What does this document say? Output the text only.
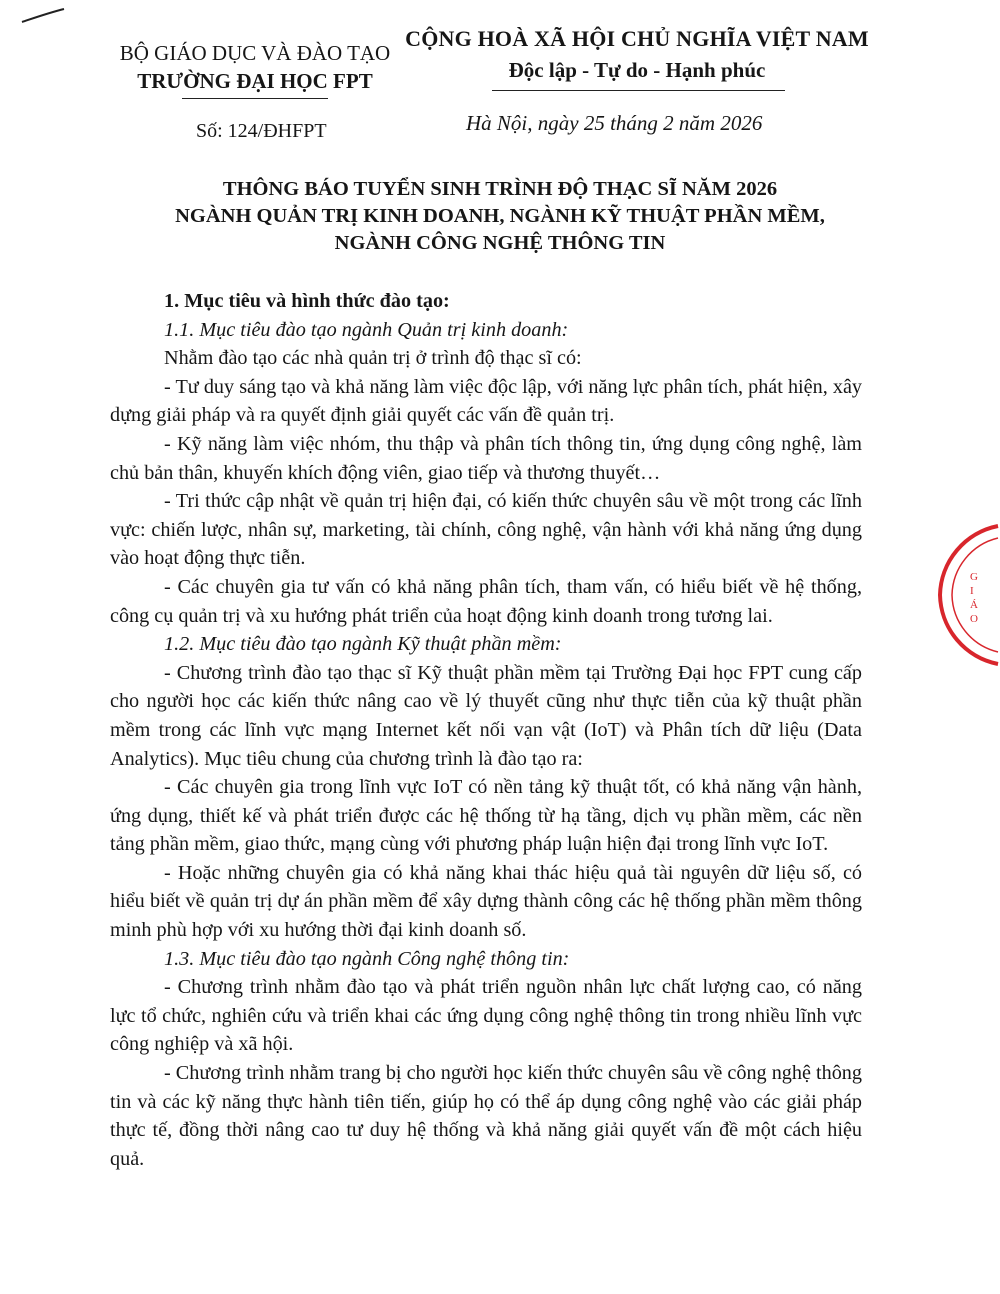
BỘ GIÁO DỤC VÀ ĐÀO TẠO
TRƯỜNG ĐẠI HỌC FPT
CỘNG HOÀ XÃ HỘI CHỦ NGHĨA VIỆT NAM
Độc lập - Tự do - Hạnh phúc
Số: 124/ĐHFPT	Hà Nội, ngày 25 tháng 2 năm 2026
THÔNG BÁO TUYỂN SINH TRÌNH ĐỘ THẠC SĨ NĂM 2026
NGÀNH QUẢN TRỊ KINH DOANH, NGÀNH KỸ THUẬT PHẦN MỀM,
NGÀNH CÔNG NGHỆ THÔNG TIN

1. Mục tiêu và hình thức đào tạo:

1.1. Mục tiêu đào tạo ngành Quản trị kinh doanh:

Nhằm đào tạo các nhà quản trị ở trình độ thạc sĩ có:

- Tư duy sáng tạo và khả năng làm việc độc lập, với năng lực phân tích, phát hiện, xây dựng giải pháp và ra quyết định giải quyết các vấn đề quản trị.

- Kỹ năng làm việc nhóm, thu thập và phân tích thông tin, ứng dụng công nghệ, làm chủ bản thân, khuyến khích động viên, giao tiếp và thương thuyết…

- Tri thức cập nhật về quản trị hiện đại, có kiến thức chuyên sâu về một trong các lĩnh vực: chiến lược, nhân sự, marketing, tài chính, công nghệ, vận hành với khả năng ứng dụng vào hoạt động thực tiễn.

- Các chuyên gia tư vấn có khả năng phân tích, tham vấn, có hiểu biết về hệ thống, công cụ quản trị và xu hướng phát triển của hoạt động kinh doanh trong tương lai.

1.2. Mục tiêu đào tạo ngành Kỹ thuật phần mềm:

- Chương trình đào tạo thạc sĩ Kỹ thuật phần mềm tại Trường Đại học FPT cung cấp cho người học các kiến thức nâng cao về lý thuyết cũng như thực tiễn của kỹ thuật phần mềm trong các lĩnh vực mạng Internet kết nối vạn vật (IoT) và Phân tích dữ liệu (Data Analytics). Mục tiêu chung của chương trình là đào tạo ra:

- Các chuyên gia trong lĩnh vực IoT có nền tảng kỹ thuật tốt, có khả năng vận hành, ứng dụng, thiết kế và phát triển được các hệ thống từ hạ tầng, dịch vụ phần mềm, các nền tảng phần mềm, giao thức, mạng cùng với phương pháp luận hiện đại trong lĩnh vực IoT.

- Hoặc những chuyên gia có khả năng khai thác hiệu quả tài nguyên dữ liệu số, có hiểu biết về quản trị dự án phần mềm để xây dựng thành công các hệ thống phần mềm thông minh phù hợp với xu hướng thời đại kinh doanh số.

1.3. Mục tiêu đào tạo ngành Công nghệ thông tin:

- Chương trình nhằm đào tạo và phát triển nguồn nhân lực chất lượng cao, có năng lực tổ chức, nghiên cứu và triển khai các ứng dụng công nghệ thông tin trong nhiều lĩnh vực công nghiệp và xã hội.

- Chương trình nhằm trang bị cho người học kiến thức chuyên sâu về công nghệ thông tin và các kỹ năng thực hành tiên tiến, giúp họ có thể áp dụng công nghệ vào các giải pháp thực tế, đồng thời nâng cao tư duy hệ thống và khả năng giải quyết vấn đề một cách hiệu quả.

G
I
Á
O
